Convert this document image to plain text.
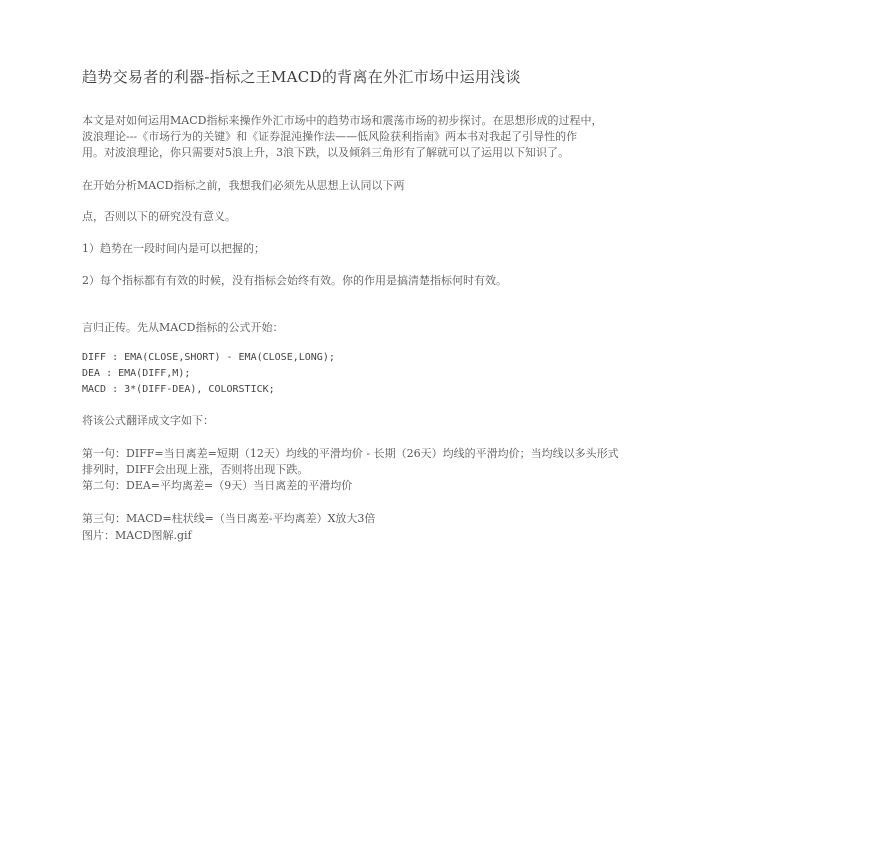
趋势交易者的利器-指标之王MACD的背离在外汇市场中运用浅谈
本文是对如何运用MACD指标来操作外汇市场中的趋势市场和震荡市场的初步探讨。在思想形成的过程中，
波浪理论---《市场行为的关键》和《证券混沌操作法——低风险获利指南》两本书对我起了引导性的作
用。对波浪理论，你只需要对5浪上升，3浪下跌，以及倾斜三角形有了解就可以了运用以下知识了。
在开始分析MACD指标之前，我想我们必须先从思想上认同以下两
点，否则以下的研究没有意义。
1）趋势在一段时间内是可以把握的；
2）每个指标都有有效的时候，没有指标会始终有效。你的作用是搞清楚指标何时有效。
言归正传。先从MACD指标的公式开始：
DIFF : EMA(CLOSE,SHORT) - EMA(CLOSE,LONG);
DEA : EMA(DIFF,M);
MACD : 3*(DIFF-DEA), COLORSTICK;
将该公式翻译成文字如下：
第一句：DIFF=当日离差=短期（12天）均线的平滑均价 - 长期（26天）均线的平滑均价；当均线以多头形式
排列时，DIFF会出现上涨，否则将出现下跌。
第二句：DEA=平均离差=（9天）当日离差的平滑均价
第三句：MACD=柱状线=（当日离差-平均离差）X放大3倍
图片：MACD图解.gif
